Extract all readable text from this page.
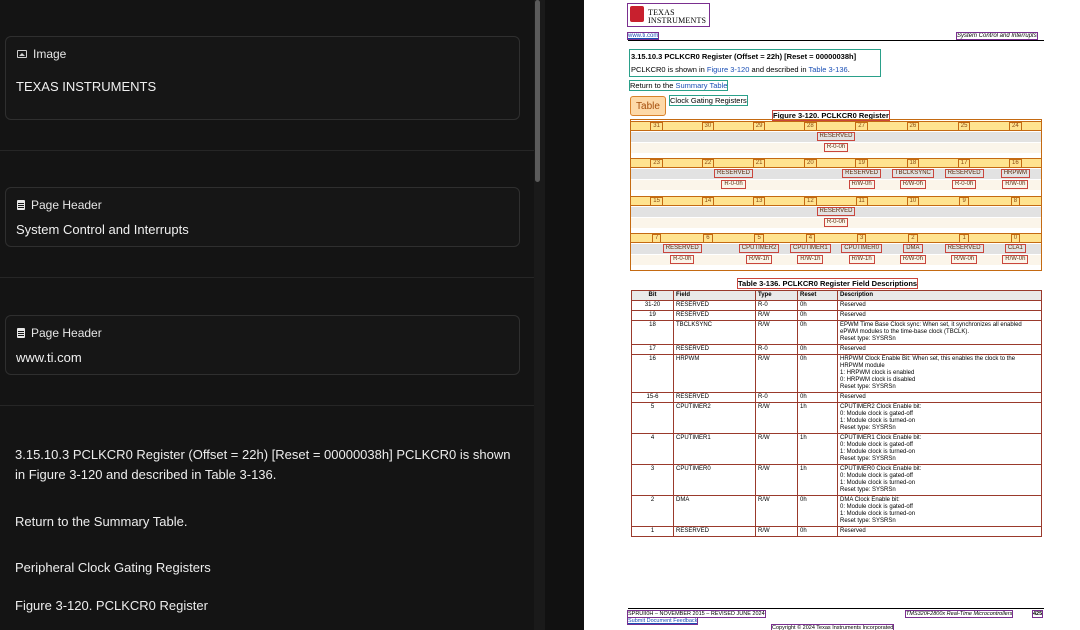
Image
TEXAS INSTRUMENTS
Page Header
System Control and Interrupts
Page Header
www.ti.com
3.15.10.3 PCLKCR0 Register (Offset = 22h) [Reset = 00000038h] PCLKCR0 is shown in Figure 3-120 and described in Table 3-136.
Return to the Summary Table.
Peripheral Clock Gating Registers
Figure 3-120. PCLKCR0 Register
TEXAS
INSTRUMENTS
www.ti.com	System Control and Interrupts
3.15.10.3 PCLKCR0 Register (Offset = 22h) [Reset = 00000038h]
PCLKCR0 is shown in Figure 3-120 and described in Table 3-136.
Return to the Summary Table
Table
Clock Gating Registers
Figure 3-120. PCLKCR0 Register
Table 3-136. PCLKCR0 Register Field Descriptions
Bit	Field	Type	Reset	Description
31-20	RESERVED	R-0	0h	Reserved
19	RESERVED	R/W	0h	Reserved
18	TBCLKSYNC	R/W	0h	EPWM Time Base Clock sync: When set, it synchronizes all enabled ePWM modules to the time-base clock (TBCLK).
Reset type: SYSRSn
17	RESERVED	R-0	0h	Reserved
16	HRPWM	R/W	0h	HRPWM Clock Enable Bit: When set, this enables the clock to the HRPWM module
1: HRPWM clock is enabled
0: HRPWM clock is disabled
Reset type: SYSRSn
15-6	RESERVED	R-0	0h	Reserved
5	CPUTIMER2	R/W	1h	CPUTIMER2 Clock Enable bit:
0: Module clock is gated-off
1: Module clock is turned-on
Reset type: SYSRSn
4	CPUTIMER1	R/W	1h	CPUTIMER1 Clock Enable bit:
0: Module clock is gated-off
1: Module clock is turned-on
Reset type: SYSRSn
3	CPUTIMER0	R/W	1h	CPUTIMER0 Clock Enable bit:
0: Module clock is gated-off
1: Module clock is turned-on
Reset type: SYSRSn
2	DMA	R/W	0h	DMA Clock Enable bit:
0: Module clock is gated-off
1: Module clock is turned-on
Reset type: SYSRSn
1	RESERVED	R/W	0h	Reserved
SPRUII0H – NOVEMBER 2015 – REVISED JUNE 2024
Submit Document Feedback
TMS320F2800x Real-Time Microcontrollers	425
Copyright © 2024 Texas Instruments Incorporated
31	30	29	28	27	26	25	24
RESERVED
R-0-0h
23	22	21	20	19	18	17	16
RESERVED	RESERVED	TBCLKSYNC	RESERVED	HRPWM
R-0-0h	R/W-0h	R/W-0h	R-0-0h	R/W-0h
15	14	13	12	11	10	9	8
RESERVED
R-0-0h
7	6	5	4	3	2	1	0
RESERVED	CPUTIMER2	CPUTIMER1	CPUTIMER0	DMA	RESERVED	CLA1
R-0-0h	R/W-1h	R/W-1h	R/W-1h	R/W-0h	R/W-0h	R/W-0h
